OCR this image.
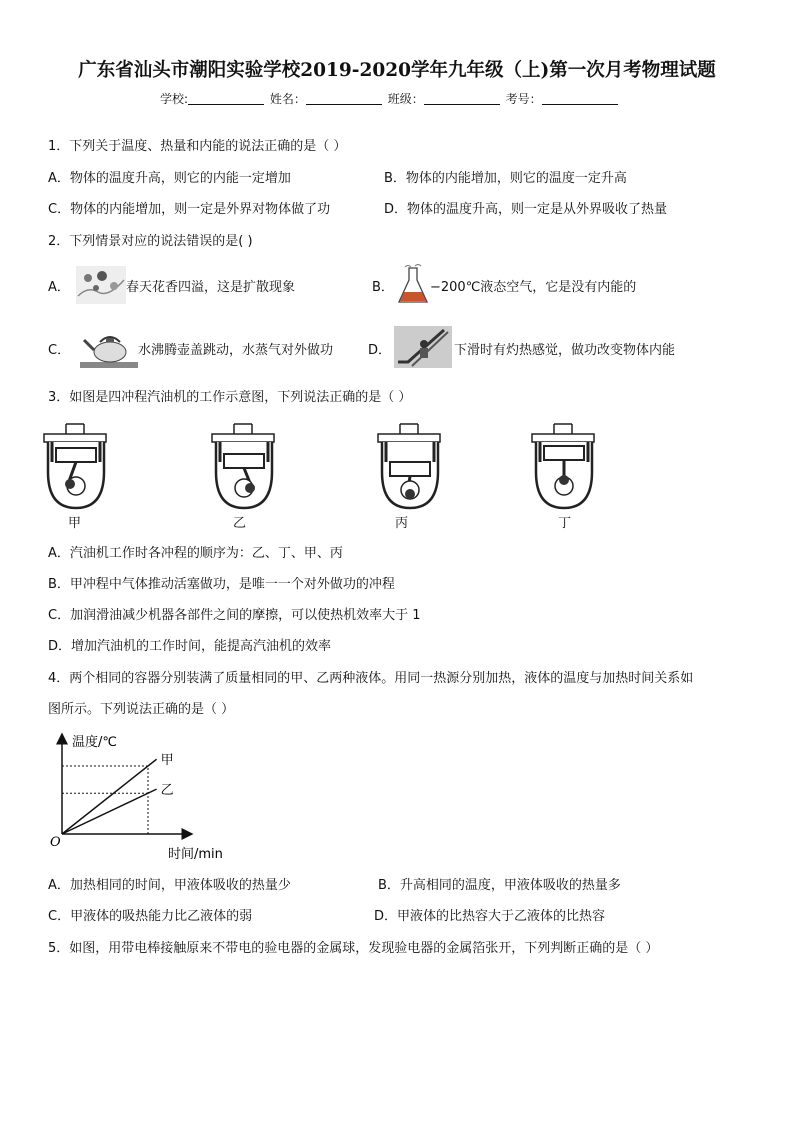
广东省汕头市潮阳实验学校2019-2020学年九年级（上)第一次月考物理试题
学校:	姓名：	班级：	考号：
1．下列关于温度、热量和内能的说法正确的是（ ）
A．物体的温度升高，则它的内能一定增加	B．物体的内能增加，则它的温度一定升高
C．物体的内能增加，则一定是外界对物体做了功	D．物体的温度升高，则一定是从外界吸收了热量
2．下列情景对应的说法错误的是( )
A．	春天花香四溢，这是扩散现象	B．	−200℃液态空气，它是没有内能的
C．	水沸腾壶盖跳动，水蒸气对外做功	D．	下滑时有灼热感觉，做功改变物体内能
3．如图是四冲程汽油机的工作示意图，下列说法正确的是（ ）
甲	乙	丙	丁
A．汽油机工作时各冲程的顺序为：乙、丁、甲、丙
B．甲冲程中气体推动活塞做功，是唯一一个对外做功的冲程
C．加润滑油减少机器各部件之间的摩擦，可以使热机效率大于 1
D．增加汽油机的工作时间，能提高汽油机的效率
4．两个相同的容器分别装满了质量相同的甲、乙两种液体。用同一热源分别加热，液体的温度与加热时间关系如
图所示。下列说法正确的是（ ）
甲
乙
温度/℃
O
时间/min
A．加热相同的时间，甲液体吸收的热量少	B．升高相同的温度，甲液体吸收的热量多
C．甲液体的吸热能力比乙液体的弱	D．甲液体的比热容大于乙液体的比热容
5．如图，用带电棒接触原来不带电的验电器的金属球，发现验电器的金属箔张开，下列判断正确的是（ ）
